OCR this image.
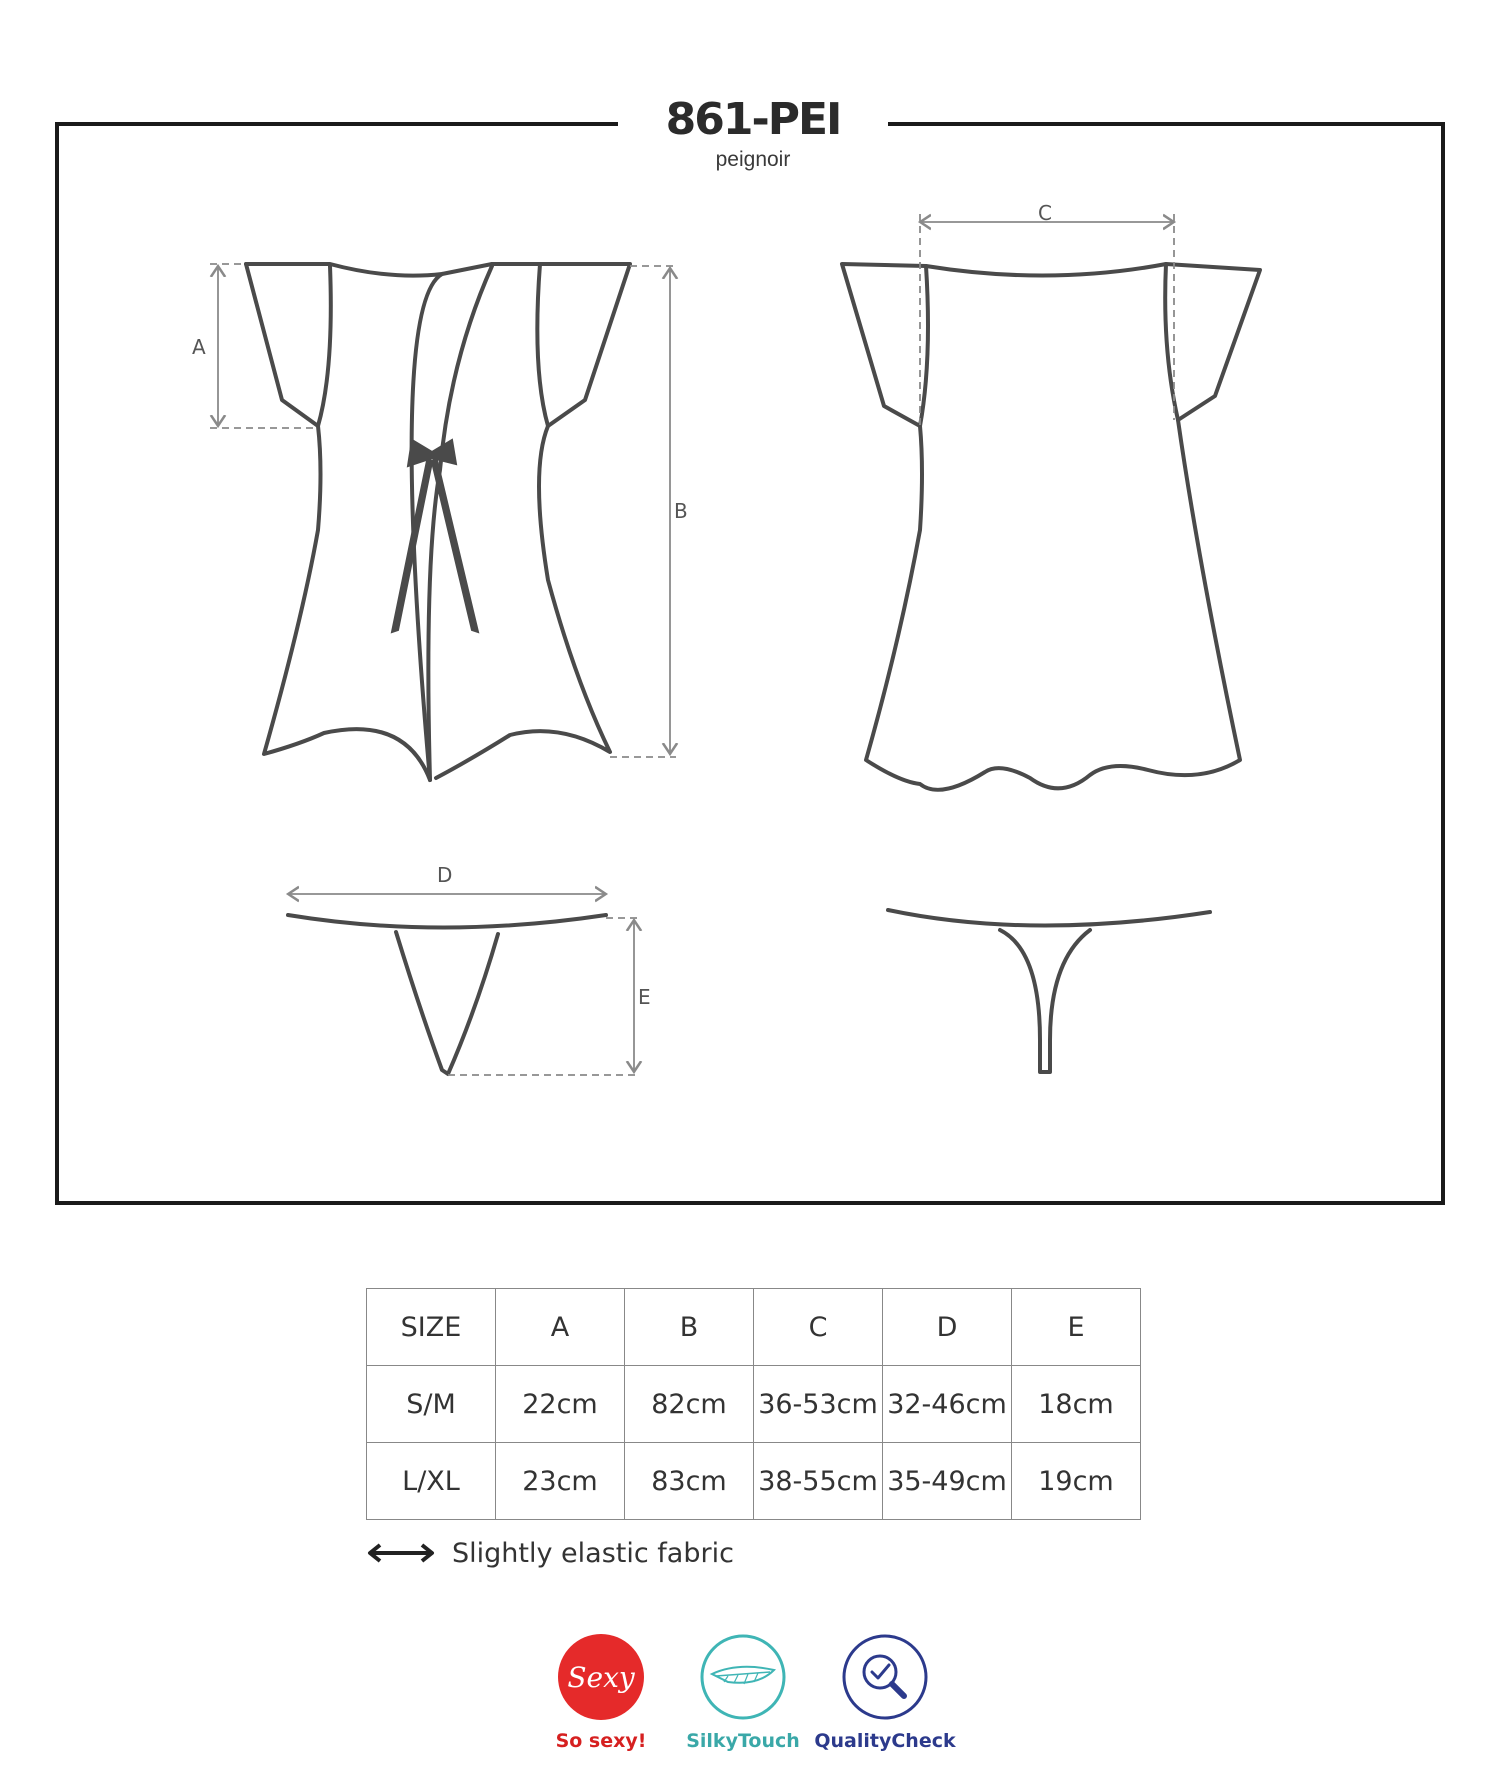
A
B
C
D
E
861-PEI
peignoir
SIZE	A	B	C	D	E
S/M	22cm	82cm	36-53cm	32-46cm	18cm
L/XL	23cm	83cm	38-55cm	35-49cm	19cm
Slightly elastic fabric
Sexy
So sexy!	SilkyTouch QualityCheck
